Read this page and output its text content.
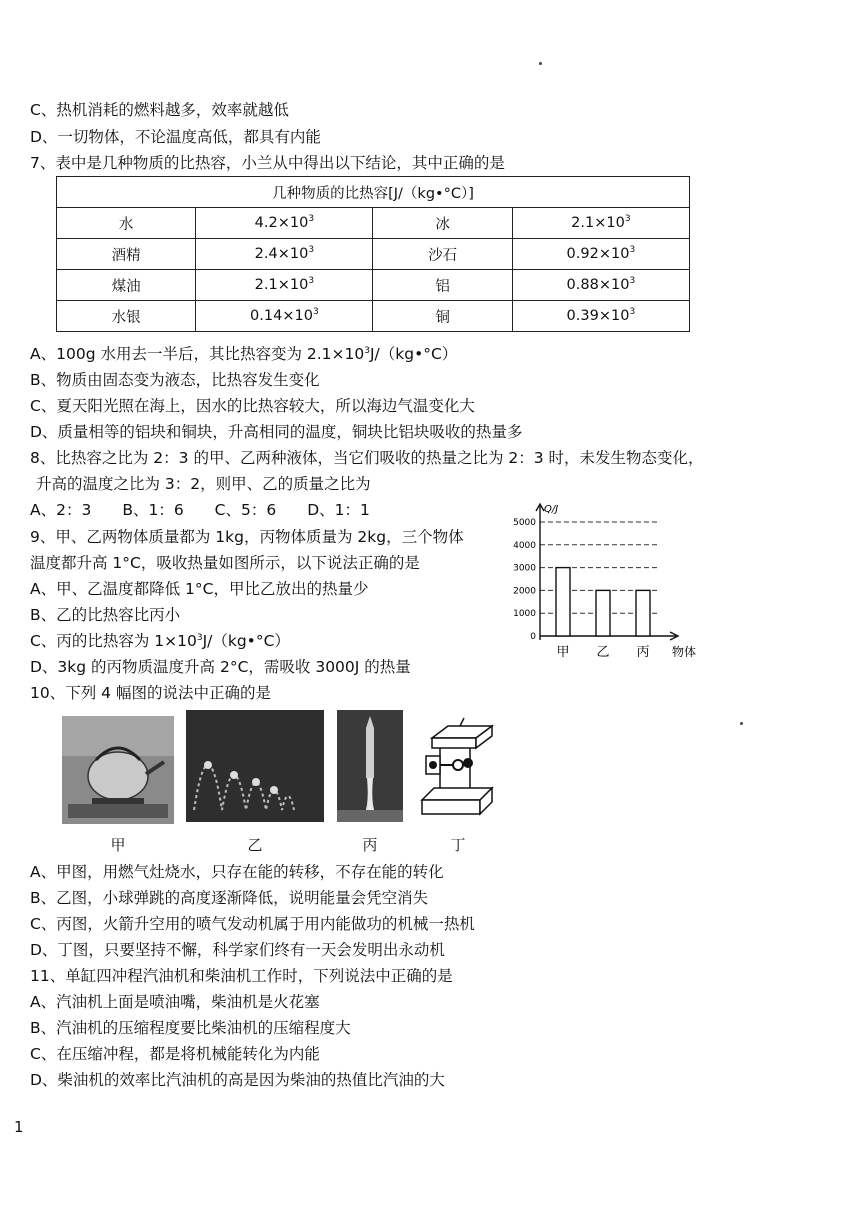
C、热机消耗的燃料越多，效率就越低
D、一切物体，不论温度高低，都具有内能
7、表中是几种物质的比热容，小兰从中得出以下结论，其中正确的是
几种物质的比热容[J/（kg•°C）]			
水	$4.2\times 10^3$	冰	$2.1\times 10^3$
酒精	$2.4\times 10^3$	沙石	$0.92\times 10^3$
煤油	$2.1\times 10^3$	铝	$0.88\times 10^3$
水银	$0.14\times 10^3$	铜	$0.39\times 10^3$
A、100g 水用去一半后，其比热容变为 $2.1\times 10^3J/(kg•^\circ C)$
B、物质由固态变为液态，比热容发生变化
C、夏天阳光照在海上，因水的比热容较大，所以海边气温变化大
D、质量相等的铝块和铜块，升高相同的温度，铜块比铝块吸收的热量多
8、比热容之比为 2：3 的甲、乙两种液体，当它们吸收的热量之比为 2：3 时，未发生物态变化，
升高的温度之比为 3：2，则甲、乙的质量之比为
A、2：3　　B、1：6　　C、5：6　　D、1：1
9、甲、乙两物体质量都为 1kg，丙物体质量为 2kg，三个物体
温度都升高 1°C，吸收热量如图所示，以下说法正确的是
A、甲、乙温度都降低 1°C，甲比乙放出的热量少
B、乙的比热容比丙小
C、丙的比热容为 $1\times 10^3J/(kg•^\circ C)$
D、3kg 的丙物质温度升高 2°C，需吸收 3000J 的热量
10、下列 4 幅图的说法中正确的是
0
1000
2000
3000
4000
5000
Q/J
物体
甲 乙 丙
甲	乙	丙	丁
A、甲图，用燃气灶烧水，只存在能的转移，不存在能的转化
B、乙图，小球弹跳的高度逐渐降低，说明能量会凭空消失
C、丙图，火箭升空用的喷气发动机属于用内能做功的机械一热机
D、丁图，只要坚持不懈，科学家们终有一天会发明出永动机
11、单缸四冲程汽油机和柴油机工作时，下列说法中正确的是
A、汽油机上面是喷油嘴，柴油机是火花塞
B、汽油机的压缩程度要比柴油机的压缩程度大
C、在压缩冲程，都是将机械能转化为内能
D、柴油机的效率比汽油机的高是因为柴油的热值比汽油的大
1
